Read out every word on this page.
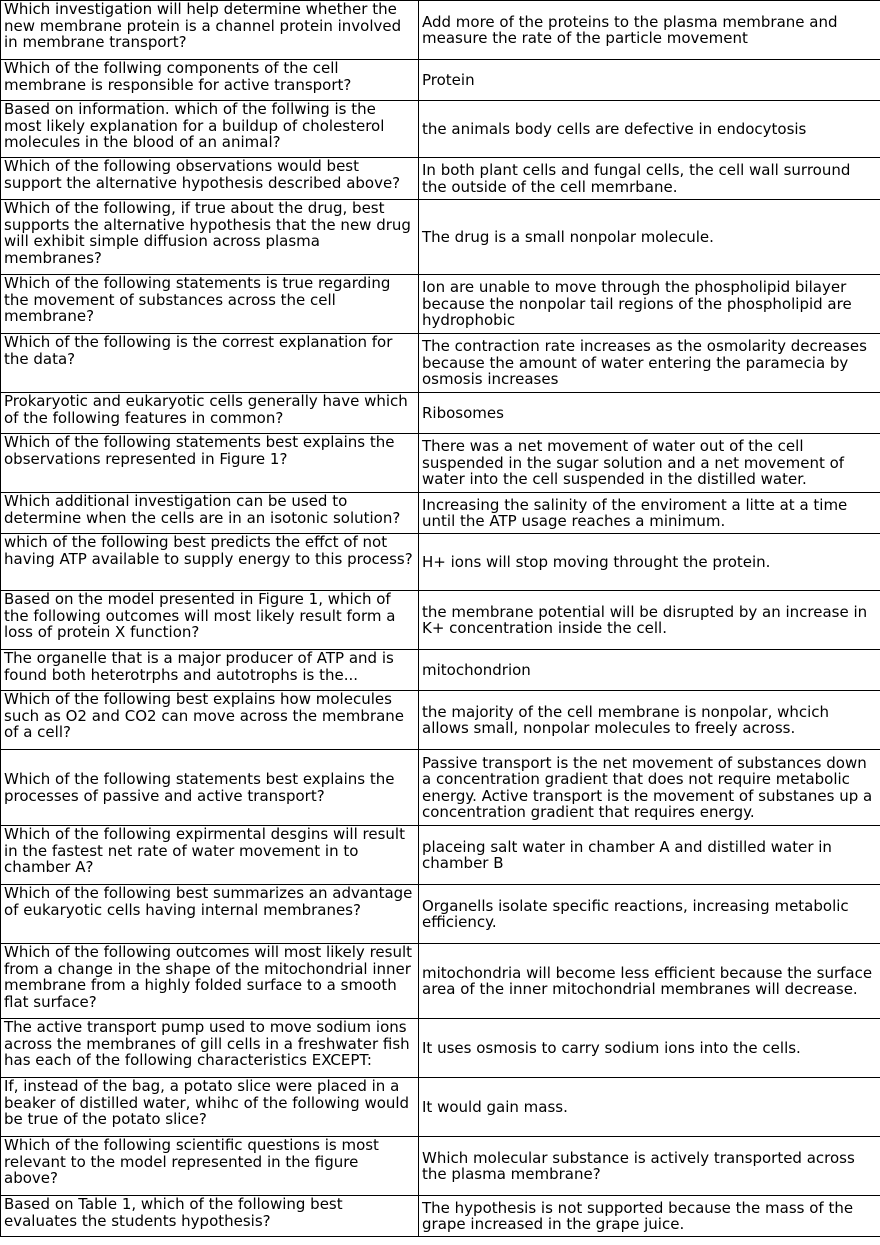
Which investigation will help determine whether the new membrane protein is a channel protein involved in membrane transport?	Add more of the proteins to the plasma membrane and measure the rate of the particle movement
Which of the follwing components of the cell membrane is responsible for active transport?	Protein
Based on information. which of the follwing is the most likely explanation for a buildup of cholesterol molecules in the blood of an animal?	the animals body cells are defective in endocytosis
Which of the following observations would best support the alternative hypothesis described above?	In both plant cells and fungal cells, the cell wall surround the outside of the cell memrbane.
Which of the following, if true about the drug, best supports the alternative hypothesis that the new drug will exhibit simple diffusion across plasma membranes?	The drug is a small nonpolar molecule.
Which of the following statements is true regarding the movement of substances across the cell membrane?	Ion are unable to move through the phospholipid bilayer because the nonpolar tail regions of the phospholipid are hydrophobic
Which of the following is the correst explanation for the data?	The contraction rate increases as the osmolarity decreases because the amount of water entering the paramecia by osmosis increases
Prokaryotic and eukaryotic cells generally have which of the following features in common?	Ribosomes
Which of the following statements best explains the observations represented in Figure 1?	There was a net movement of water out of the cell suspended in the sugar solution and a net movement of water into the cell suspended in the distilled water.
Which additional investigation can be used to determine when the cells are in an isotonic solution?	Increasing the salinity of the enviroment a litte at a time until the ATP usage reaches a minimum.
which of the following best predicts the effct of not having ATP available to supply energy to this process?	H+ ions will stop moving throught the protein.
Based on the model presented in Figure 1, which of the following outcomes will most likely result form a loss of protein X function?	the membrane potential will be disrupted by an increase in K+ concentration inside the cell.
The organelle that is a major producer of ATP and is found both heterotrphs and autotrophs is the...	mitochondrion
Which of the following best explains how molecules such as O2 and CO2 can move across the membrane of a cell?	the majority of the cell membrane is nonpolar, whcich allows small, nonpolar molecules to freely across.
Which of the following statements best explains the processes of passive and active transport?	Passive transport is the net movement of substances down a concentration gradient that does not require metabolic energy. Active transport is the movement of substanes up a concentration gradient that requires energy.
Which of the following expirmental desgins will result in the fastest net rate of water movement in to chamber A?	placeing salt water in chamber A and distilled water in chamber B
Which of the following best summarizes an advantage of eukaryotic cells having internal membranes?	Organells isolate specific reactions, increasing metabolic efficiency.
Which of the following outcomes will most likely result from a change in the shape of the mitochondrial inner membrane from a highly folded surface to a smooth flat surface?	mitochondria will become less efficient because the surface area of the inner mitochondrial membranes will decrease.
The active transport pump used to move sodium ions across the membranes of gill cells in a freshwater fish has each of the following characteristics EXCEPT:	It uses osmosis to carry sodium ions into the cells.
If, instead of the bag, a potato slice were placed in a beaker of distilled water, whihc of the following would be true of the potato slice?	It would gain mass.
Which of the following scientific questions is most relevant to the model represented in the figure above?	Which molecular substance is actively transported across the plasma membrane?
Based on Table 1, which of the following best evaluates the students hypothesis?	The hypothesis is not supported because the mass of the grape increased in the grape juice.
